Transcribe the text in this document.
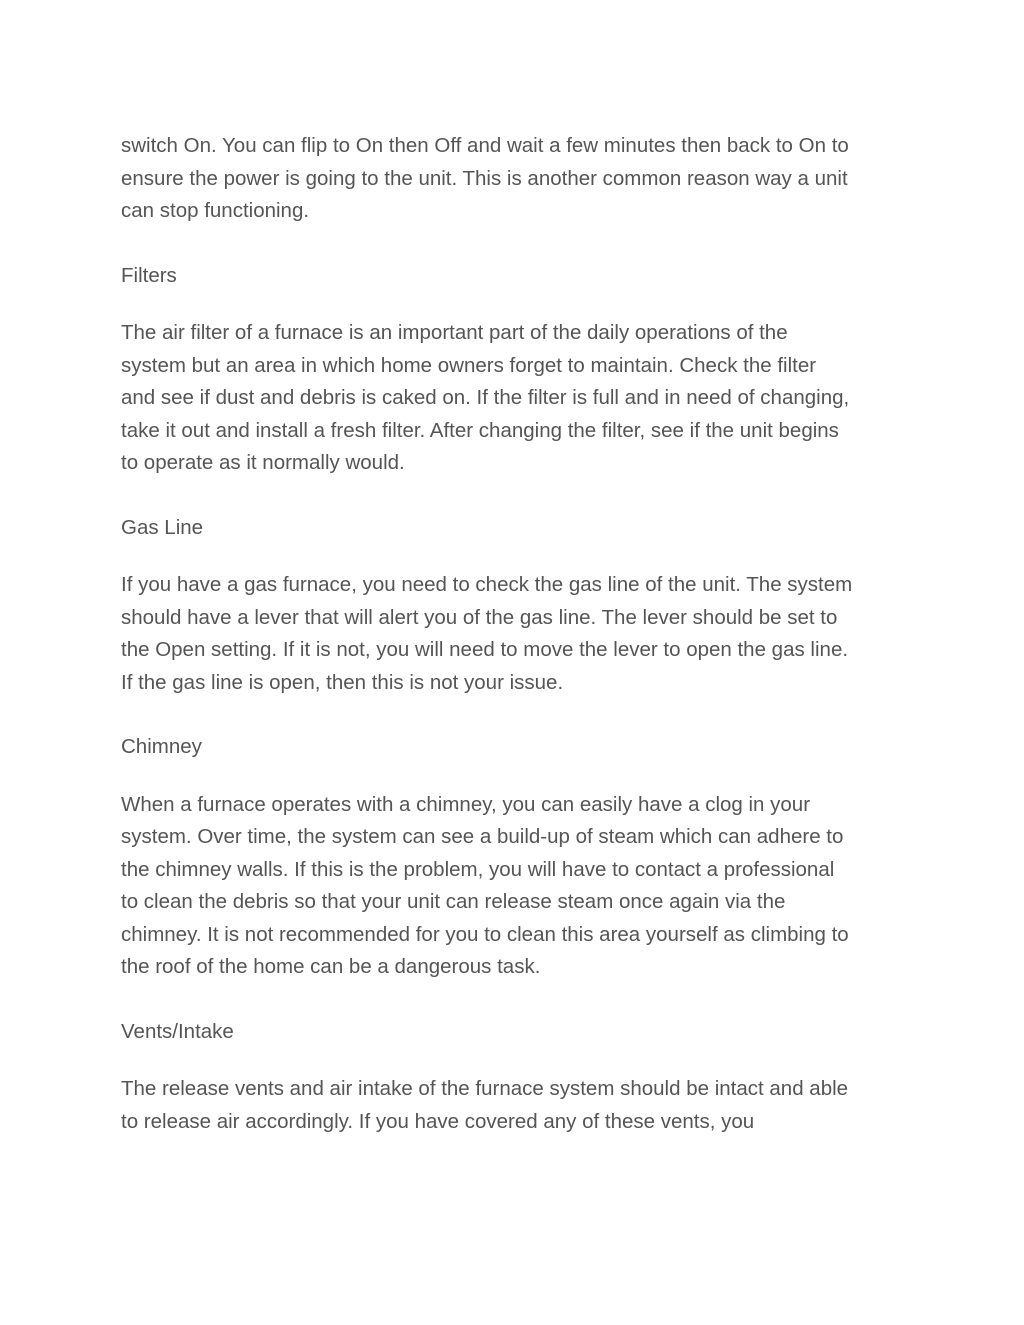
switch On. You can flip to On then Off and wait a few minutes then back to On to
ensure the power is going to the unit. This is another common reason way a unit
can stop functioning.
Filters
The air filter of a furnace is an important part of the daily operations of the
system but an area in which home owners forget to maintain. Check the filter
and see if dust and debris is caked on. If the filter is full and in need of changing,
take it out and install a fresh filter. After changing the filter, see if the unit begins
to operate as it normally would.
Gas Line
If you have a gas furnace, you need to check the gas line of the unit. The system
should have a lever that will alert you of the gas line. The lever should be set to
the Open setting. If it is not, you will need to move the lever to open the gas line.
If the gas line is open, then this is not your issue.
Chimney
When a furnace operates with a chimney, you can easily have a clog in your
system. Over time, the system can see a build-up of steam which can adhere to
the chimney walls. If this is the problem, you will have to contact a professional
to clean the debris so that your unit can release steam once again via the
chimney. It is not recommended for you to clean this area yourself as climbing to
the roof of the home can be a dangerous task.
Vents/Intake
The release vents and air intake of the furnace system should be intact and able
to release air accordingly. If you have covered any of these vents, you
